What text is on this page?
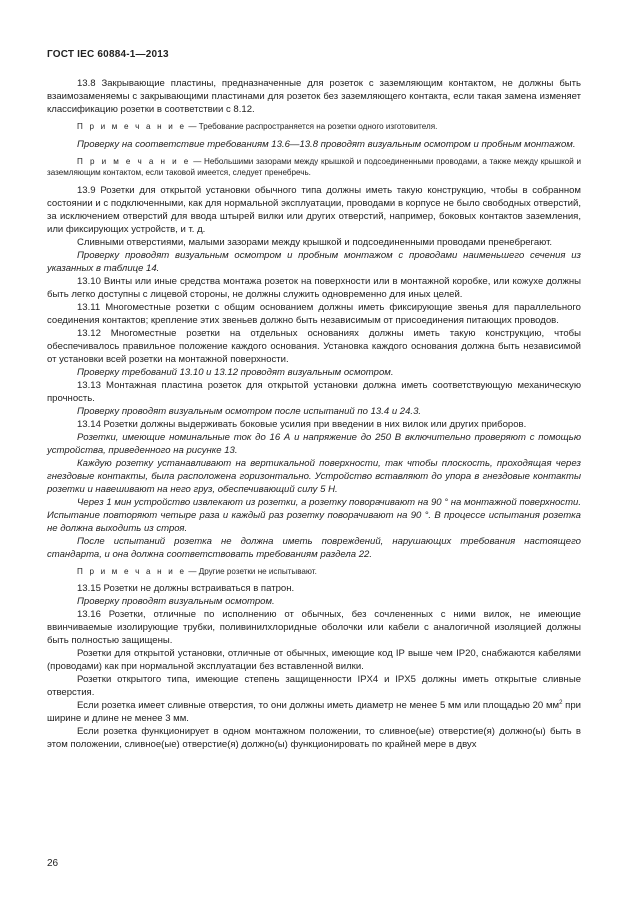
ГОСТ IEC 60884-1—2013

13.8 Закрывающие пластины, предназначенные для розеток с заземляющим контактом, не должны быть взаимозаменяемы с закрывающими пластинами для розеток без заземляющего контакта, если такая замена изменяет классификацию розетки в соответствии с 8.12.

П р и м е ч а н и е — Требование распространяется на розетки одного изготовителя.

Проверку на соответствие требованиям 13.6—13.8 проводят визуальным осмотром и пробным монтажом.

П р и м е ч а н и е — Небольшими зазорами между крышкой и подсоединенными проводами, а также между крышкой и заземляющим контактом, если таковой имеется, следует пренебречь.

13.9 Розетки для открытой установки обычного типа должны иметь такую конструкцию, чтобы в собранном состоянии и с подключенными, как для нормальной эксплуатации, проводами в корпусе не было свободных отверстий, за исключением отверстий для ввода штырей вилки или других отверстий, например, боковых контактов заземления, или фиксирующих устройств, и т. д.

Сливными отверстиями, малыми зазорами между крышкой и подсоединенными проводами пренебрегают.

Проверку проводят визуальным осмотром и пробным монтажом с проводами наименьшего сечения из указанных в таблице 14.

13.10 Винты или иные средства монтажа розеток на поверхности или в монтажной коробке, или кожухе должны быть легко доступны с лицевой стороны, не должны служить одновременно для иных целей.

13.11 Многоместные розетки с общим основанием должны иметь фиксирующие звенья для параллельного соединения контактов; крепление этих звеньев должно быть независимым от присоединения питающих проводов.

13.12 Многоместные розетки на отдельных основаниях должны иметь такую конструкцию, чтобы обеспечивалось правильное положение каждого основания. Установка каждого основания должна быть независимой от установки всей розетки на монтажной поверхности.

Проверку требований 13.10 и 13.12 проводят визуальным осмотром.

13.13 Монтажная пластина розеток для открытой установки должна иметь соответствующую механическую прочность.

Проверку проводят визуальным осмотром после испытаний по 13.4 и 24.3.

13.14 Розетки должны выдерживать боковые усилия при введении в них вилок или других приборов.

Розетки, имеющие номинальные ток до 16 А и напряжение до 250 В включительно проверяют с помощью устройства, приведенного на рисунке 13.

Каждую розетку устанавливают на вертикальной поверхности, так чтобы плоскость, проходящая через гнездовые контакты, была расположена горизонтально. Устройство вставляют до упора в гнездовые контакты розетки и навешивают на него груз, обеспечивающий силу 5 Н.

Через 1 мин устройство извлекают из розетки, а розетку поворачивают на 90 ° на монтажной поверхности. Испытание повторяют четыре раза и каждый раз розетку поворачивают на 90 °. В процессе испытания розетка не должна выходить из строя.

После испытаний розетка не должна иметь повреждений, нарушающих требования настоящего стандарта, и она должна соответствовать требованиям раздела 22.

П р и м е ч а н и е — Другие розетки не испытывают.

13.15 Розетки не должны встраиваться в патрон.

Проверку проводят визуальным осмотром.

13.16 Розетки, отличные по исполнению от обычных, без сочлененных с ними вилок, не имеющие ввинчиваемые изолирующие трубки, поливинилхлоридные оболочки или кабели с аналогичной изоляцией должны быть полностью защищены.

Розетки для открытой установки, отличные от обычных, имеющие код IP выше чем IP20, снабжаются кабелями (проводами) как при нормальной эксплуатации без вставленной вилки.

Розетки открытого типа, имеющие степень защищенности IPX4 и IPX5 должны иметь открытые сливные отверстия.

Если розетка имеет сливные отверстия, то они должны иметь диаметр не менее 5 мм или площадью 20 $мм^2$ при ширине и длине не менее 3 мм.

Если розетка функционирует в одном монтажном положении, то сливное(ые) отверстие(я) должно(ы) быть в этом положении, сливное(ые) отверстие(я) должно(ы) функционировать по крайней мере в двух

26
